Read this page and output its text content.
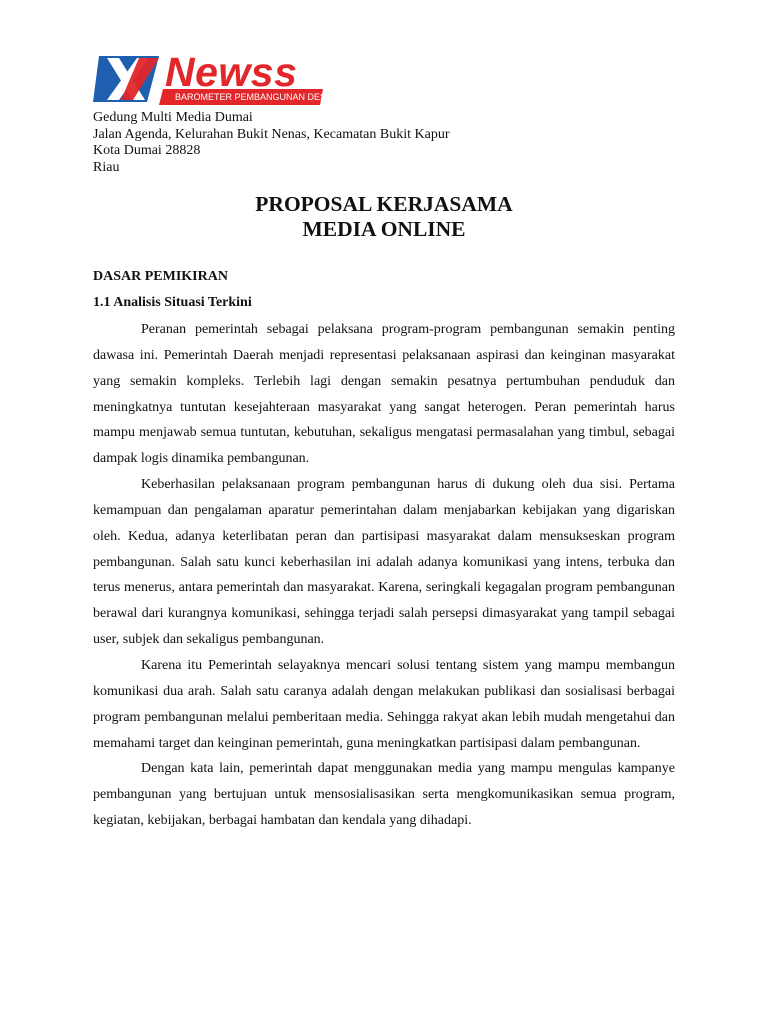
Newss
BAROMETER PEMBANGUNAN DESA
Gedung Multi Media Dumai
Jalan Agenda, Kelurahan Bukit Nenas, Kecamatan Bukit Kapur
Kota Dumai 28828
Riau
PROPOSAL KERJASAMA
MEDIA ONLINE
DASAR PEMIKIRAN
1.1 Analisis Situasi Terkini

Peranan pemerintah sebagai pelaksana program-program pembangunan semakin penting dawasa ini. Pemerintah Daerah menjadi representasi pelaksanaan aspirasi dan keinginan masyarakat yang semakin kompleks. Terlebih lagi dengan semakin pesatnya pertumbuhan penduduk dan meningkatnya tuntutan kesejahteraan masyarakat yang sangat heterogen. Peran pemerintah harus mampu menjawab semua tuntutan, kebutuhan, sekaligus mengatasi permasalahan yang timbul, sebagai dampak logis dinamika pembangunan.

Keberhasilan pelaksanaan program pembangunan harus di dukung oleh dua sisi. Pertama kemampuan dan pengalaman aparatur pemerintahan dalam menjabarkan kebijakan yang digariskan oleh. Kedua, adanya keterlibatan peran dan partisipasi masyarakat dalam mensukseskan program pembangunan. Salah satu kunci keberhasilan ini adalah adanya komunikasi yang intens, terbuka dan terus menerus, antara pemerintah dan masyarakat. Karena, seringkali kegagalan program pembangunan berawal dari kurangnya komunikasi, sehingga terjadi salah persepsi dimasyarakat yang tampil sebagai user, subjek dan sekaligus pembangunan.

Karena itu Pemerintah selayaknya mencari solusi tentang sistem yang mampu membangun komunikasi dua arah. Salah satu caranya adalah dengan melakukan publikasi dan sosialisasi berbagai program pembangunan melalui pemberitaan media. Sehingga rakyat akan lebih mudah mengetahui dan memahami target dan keinginan pemerintah, guna meningkatkan partisipasi dalam pembangunan.

Dengan kata lain, pemerintah dapat menggunakan media yang mampu mengulas kampanye pembangunan yang bertujuan untuk mensosialisasikan serta mengkomunikasikan semua program, kegiatan, kebijakan, berbagai hambatan dan kendala yang dihadapi.
